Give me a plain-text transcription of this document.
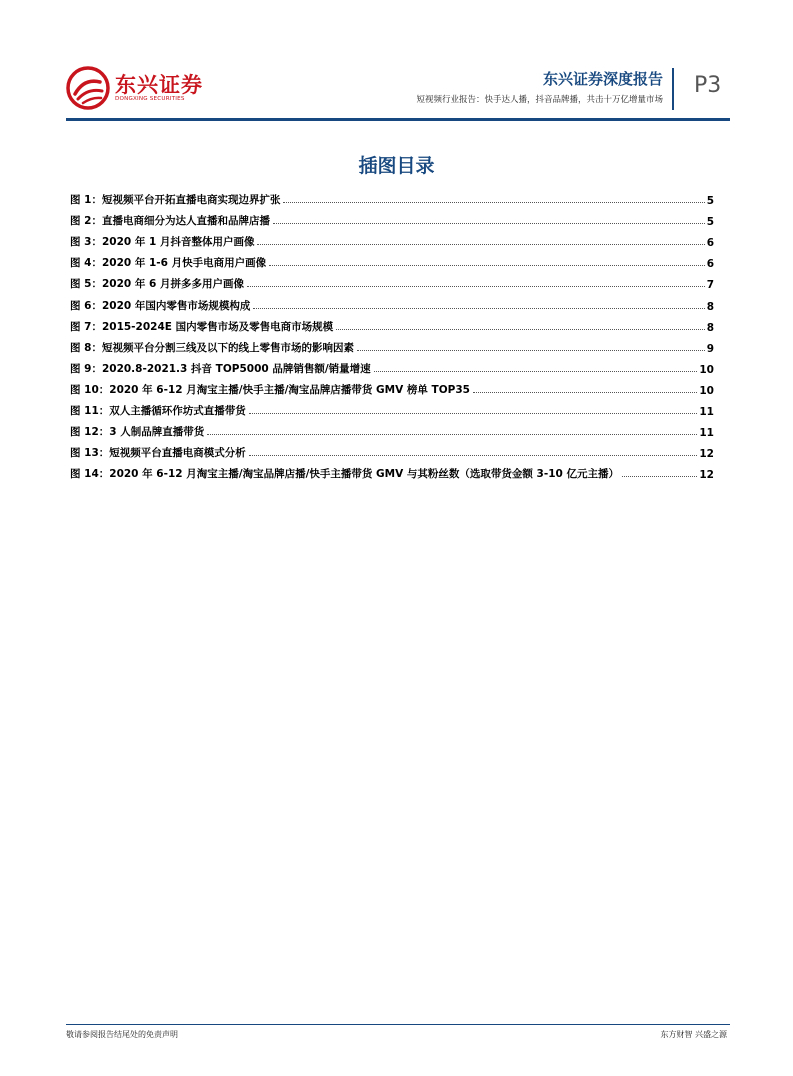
东兴证券
DONGXING SECURITIES
东兴证券深度报告
短视频行业报告：快手达人播，抖音品牌播，共击十万亿增量市场
P3
插图目录
图 1：短视频平台开拓直播电商实现边界扩张	5
图 2：直播电商细分为达人直播和品牌店播	5
图 3：2020 年 1 月抖音整体用户画像	6
图 4：2020 年 1-6 月快手电商用户画像	6
图 5：2020 年 6 月拼多多用户画像	7
图 6：2020 年国内零售市场规模构成	8
图 7：2015-2024E 国内零售市场及零售电商市场规模	8
图 8：短视频平台分割三线及以下的线上零售市场的影响因素	9
图 9：2020.8-2021.3 抖音 TOP5000 品牌销售额/销量增速	10
图 10：2020 年 6-12 月淘宝主播/快手主播/淘宝品牌店播带货 GMV 榜单 TOP35	10
图 11：双人主播循环作坊式直播带货	11
图 12：3 人制品牌直播带货	11
图 13：短视频平台直播电商模式分析	12
图 14：2020 年 6-12 月淘宝主播/淘宝品牌店播/快手主播带货 GMV 与其粉丝数（选取带货金额 3-10 亿元主播）	12
敬请参阅报告结尾处的免责声明	东方财智 兴盛之源
